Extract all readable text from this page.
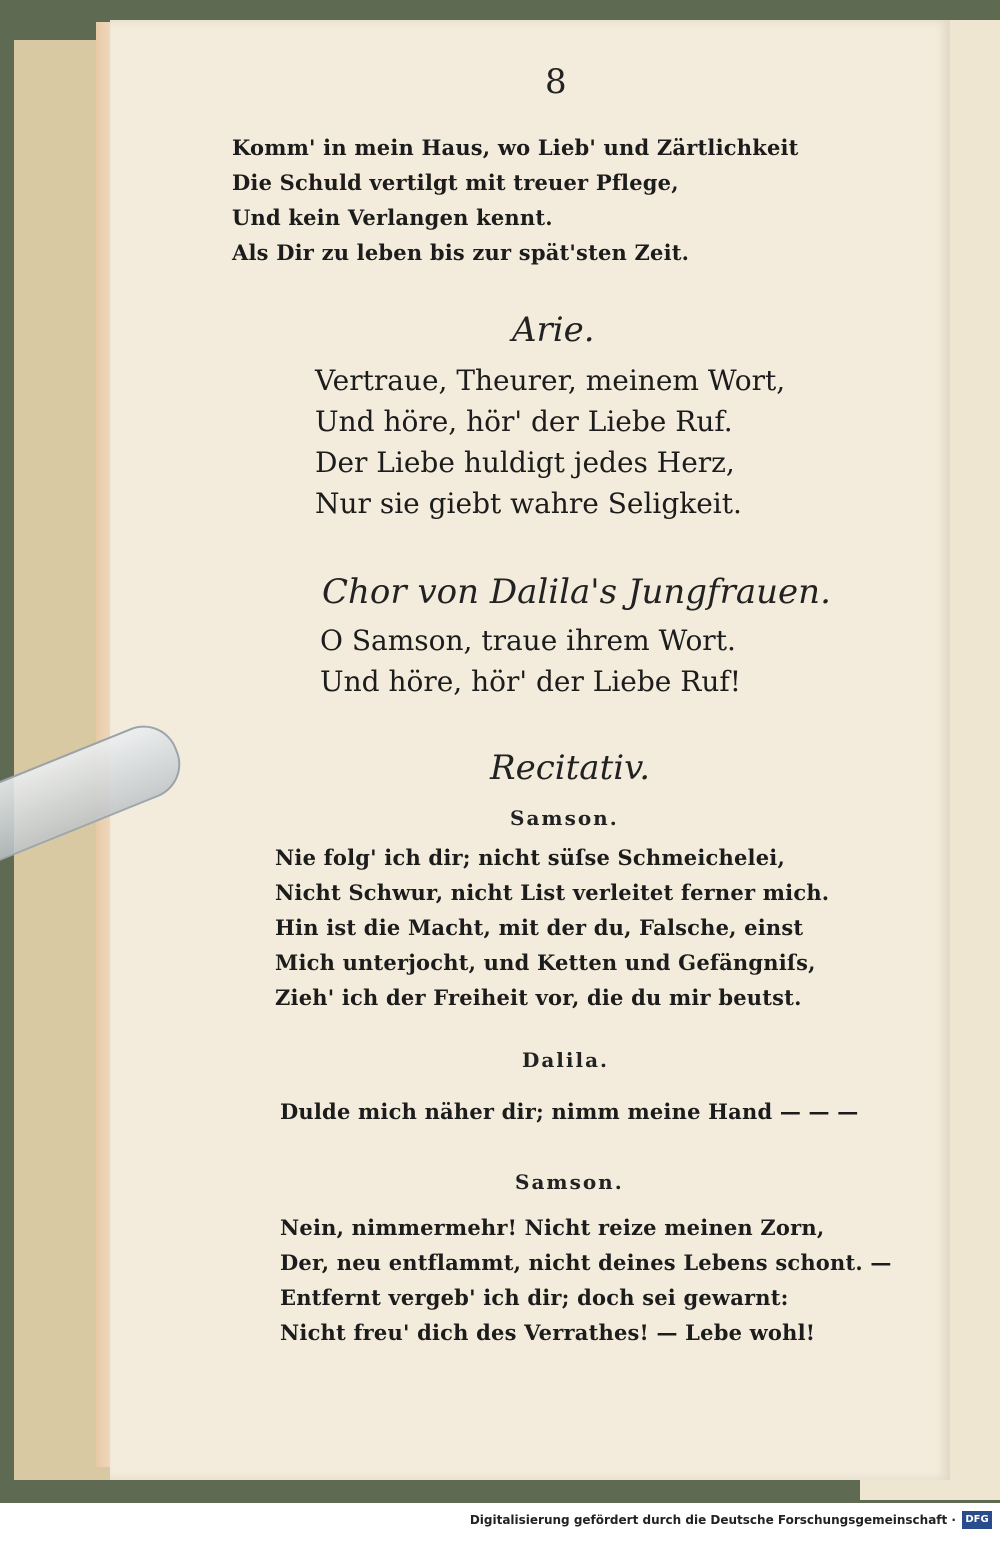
8
Komm' in mein Haus, wo Lieb' und Zärtlichkeit
Die Schuld vertilgt mit treuer Pflege,
Und kein Verlangen kennt.
Als Dir zu leben bis zur spät'sten Zeit.
Arie.
Vertraue, Theurer, meinem Wort,
Und höre, hör' der Liebe Ruf.
Der Liebe huldigt jedes Herz,
Nur sie giebt wahre Seligkeit.
Chor von Dalila's Jungfrauen.
O Samson, traue ihrem Wort.
Und höre, hör' der Liebe Ruf!
Recitativ.
Samson.
Nie folg' ich dir; nicht süſse Schmeichelei,
Nicht Schwur, nicht List verleitet ferner mich.
Hin ist die Macht, mit der du, Falsche, einst
Mich unterjocht, und Ketten und Gefängniſs,
Zieh' ich der Freiheit vor, die du mir beutst.
Dalila.
Dulde mich näher dir; nimm meine Hand — — —
Samson.
Nein, nimmermehr! Nicht reize meinen Zorn,
Der, neu entflammt, nicht deines Lebens schont. —
Entfernt vergeb' ich dir; doch sei gewarnt:
Nicht freu' dich des Verrathes! — Lebe wohl!
Digitalisierung gefördert durch die Deutsche Forschungsgemeinschaft · DFG
